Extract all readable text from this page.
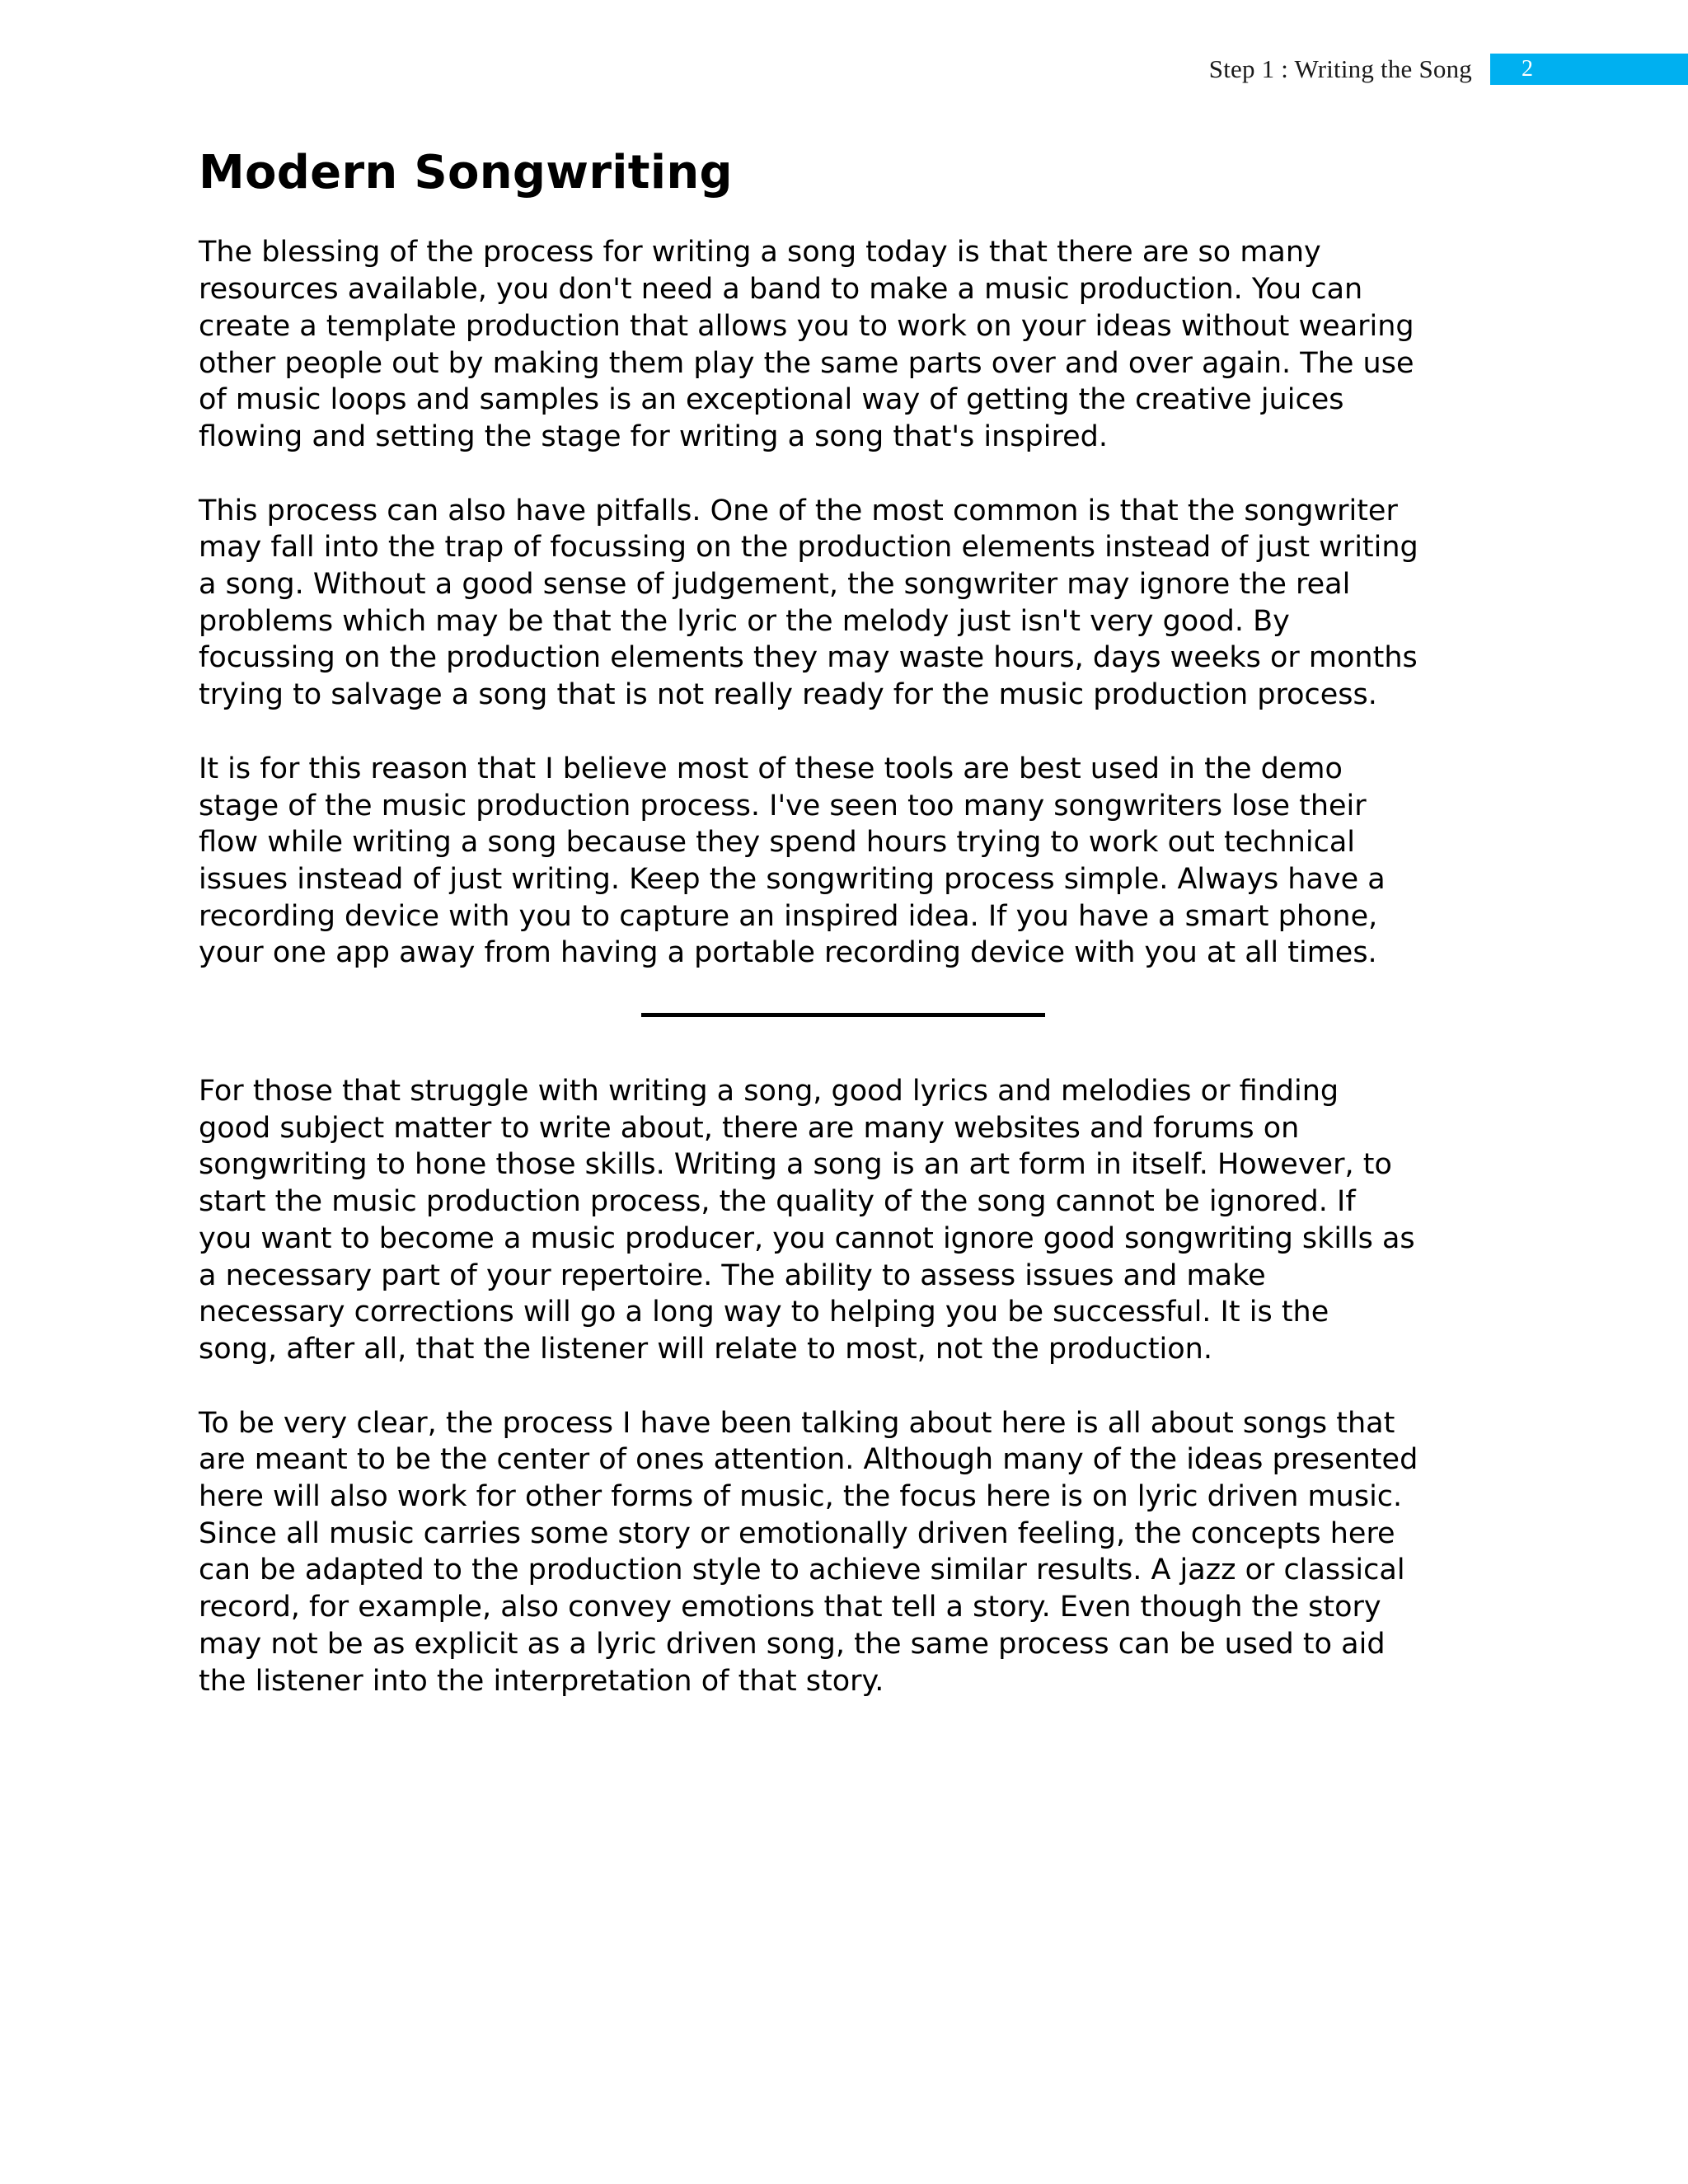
Step 1 : Writing the Song 2
Modern Songwriting

The blessing of the process for writing a song today is that there are so many
resources available, you don't need a band to make a music production. You can
create a template production that allows you to work on your ideas without wearing
other people out by making them play the same parts over and over again. The use
of music loops and samples is an exceptional way of getting the creative juices
flowing and setting the stage for writing a song that's inspired.

This process can also have pitfalls. One of the most common is that the songwriter
may fall into the trap of focussing on the production elements instead of just writing
a song. Without a good sense of judgement, the songwriter may ignore the real
problems which may be that the lyric or the melody just isn't very good. By
focussing on the production elements they may waste hours, days weeks or months
trying to salvage a song that is not really ready for the music production process.

It is for this reason that I believe most of these tools are best used in the demo
stage of the music production process. I've seen too many songwriters lose their
flow while writing a song because they spend hours trying to work out technical
issues instead of just writing. Keep the songwriting process simple. Always have a
recording device with you to capture an inspired idea. If you have a smart phone,
your one app away from having a portable recording device with you at all times.

For those that struggle with writing a song, good lyrics and melodies or finding
good subject matter to write about, there are many websites and forums on
songwriting to hone those skills. Writing a song is an art form in itself. However, to
start the music production process, the quality of the song cannot be ignored. If
you want to become a music producer, you cannot ignore good songwriting skills as
a necessary part of your repertoire. The ability to assess issues and make
necessary corrections will go a long way to helping you be successful. It is the
song, after all, that the listener will relate to most, not the production.

To be very clear, the process I have been talking about here is all about songs that
are meant to be the center of ones attention. Although many of the ideas presented
here will also work for other forms of music, the focus here is on lyric driven music.
Since all music carries some story or emotionally driven feeling, the concepts here
can be adapted to the production style to achieve similar results. A jazz or classical
record, for example, also convey emotions that tell a story. Even though the story
may not be as explicit as a lyric driven song, the same process can be used to aid
the listener into the interpretation of that story.
